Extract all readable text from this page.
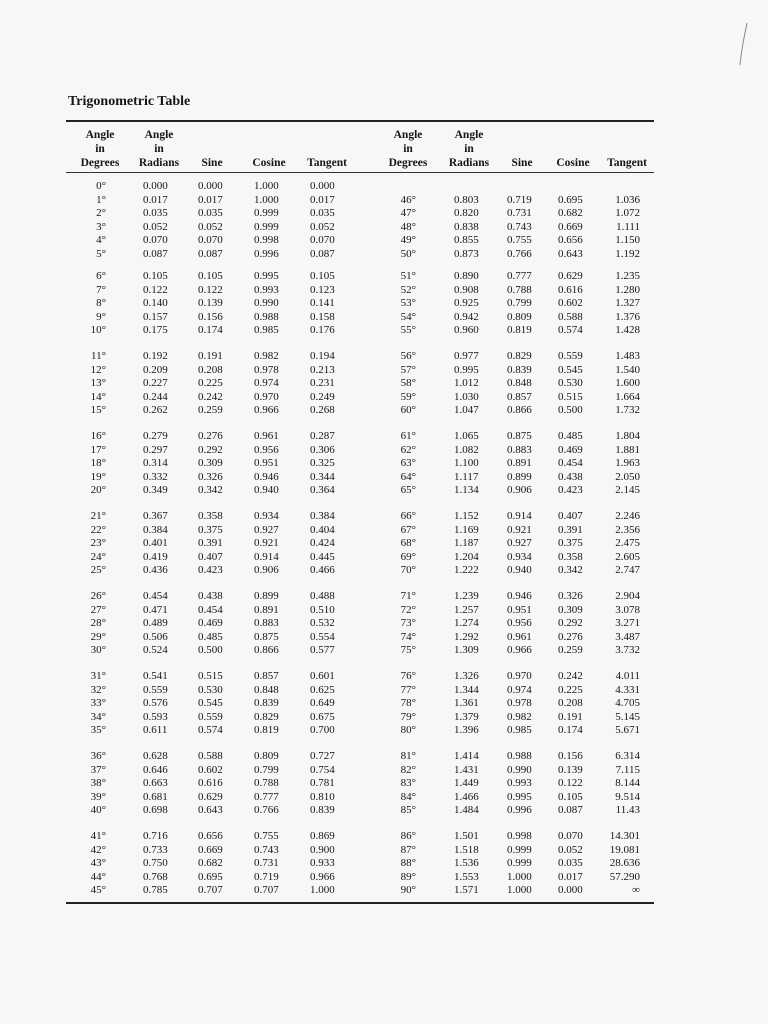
Trigonometric Table
Angle
in
Degrees
Angle
in
Radians	Sine	Cosine	Tangent
Angle
in
Degrees
Angle
in
Radians	Sine	Cosine	Tangent
0°	0.000	0.000	1.000	0.000
1°	0.017	0.017	1.000	0.017	46°	0.803	0.719	0.695	1.036
2°	0.035	0.035	0.999	0.035	47°	0.820	0.731	0.682	1.072
3°	0.052	0.052	0.999	0.052	48°	0.838	0.743	0.669	1.111
4°	0.070	0.070	0.998	0.070	49°	0.855	0.755	0.656	1.150
5°	0.087	0.087	0.996	0.087	50°	0.873	0.766	0.643	1.192
6°	0.105	0.105	0.995	0.105	51°	0.890	0.777	0.629	1.235
7°	0.122	0.122	0.993	0.123	52°	0.908	0.788	0.616	1.280
8°	0.140	0.139	0.990	0.141	53°	0.925	0.799	0.602	1.327
9°	0.157	0.156	0.988	0.158	54°	0.942	0.809	0.588	1.376
10°	0.175	0.174	0.985	0.176	55°	0.960	0.819	0.574	1.428
11°	0.192	0.191	0.982	0.194	56°	0.977	0.829	0.559	1.483
12°	0.209	0.208	0.978	0.213	57°	0.995	0.839	0.545	1.540
13°	0.227	0.225	0.974	0.231	58°	1.012	0.848	0.530	1.600
14°	0.244	0.242	0.970	0.249	59°	1.030	0.857	0.515	1.664
15°	0.262	0.259	0.966	0.268	60°	1.047	0.866	0.500	1.732
16°	0.279	0.276	0.961	0.287	61°	1.065	0.875	0.485	1.804
17°	0.297	0.292	0.956	0.306	62°	1.082	0.883	0.469	1.881
18°	0.314	0.309	0.951	0.325	63°	1.100	0.891	0.454	1.963
19°	0.332	0.326	0.946	0.344	64°	1.117	0.899	0.438	2.050
20°	0.349	0.342	0.940	0.364	65°	1.134	0.906	0.423	2.145
21°	0.367	0.358	0.934	0.384	66°	1.152	0.914	0.407	2.246
22°	0.384	0.375	0.927	0.404	67°	1.169	0.921	0.391	2.356
23°	0.401	0.391	0.921	0.424	68°	1.187	0.927	0.375	2.475
24°	0.419	0.407	0.914	0.445	69°	1.204	0.934	0.358	2.605
25°	0.436	0.423	0.906	0.466	70°	1.222	0.940	0.342	2.747
26°	0.454	0.438	0.899	0.488	71°	1.239	0.946	0.326	2.904
27°	0.471	0.454	0.891	0.510	72°	1.257	0.951	0.309	3.078
28°	0.489	0.469	0.883	0.532	73°	1.274	0.956	0.292	3.271
29°	0.506	0.485	0.875	0.554	74°	1.292	0.961	0.276	3.487
30°	0.524	0.500	0.866	0.577	75°	1.309	0.966	0.259	3.732
31°	0.541	0.515	0.857	0.601	76°	1.326	0.970	0.242	4.011
32°	0.559	0.530	0.848	0.625	77°	1.344	0.974	0.225	4.331
33°	0.576	0.545	0.839	0.649	78°	1.361	0.978	0.208	4.705
34°	0.593	0.559	0.829	0.675	79°	1.379	0.982	0.191	5.145
35°	0.611	0.574	0.819	0.700	80°	1.396	0.985	0.174	5.671
36°	0.628	0.588	0.809	0.727	81°	1.414	0.988	0.156	6.314
37°	0.646	0.602	0.799	0.754	82°	1.431	0.990	0.139	7.115
38°	0.663	0.616	0.788	0.781	83°	1.449	0.993	0.122	8.144
39°	0.681	0.629	0.777	0.810	84°	1.466	0.995	0.105	9.514
40°	0.698	0.643	0.766	0.839	85°	1.484	0.996	0.087	11.43
41°	0.716	0.656	0.755	0.869	86°	1.501	0.998	0.070	14.301
42°	0.733	0.669	0.743	0.900	87°	1.518	0.999	0.052	19.081
43°	0.750	0.682	0.731	0.933	88°	1.536	0.999	0.035	28.636
44°	0.768	0.695	0.719	0.966	89°	1.553	1.000	0.017	57.290
45°	0.785	0.707	0.707	1.000	90°	1.571	1.000	0.000	∞
